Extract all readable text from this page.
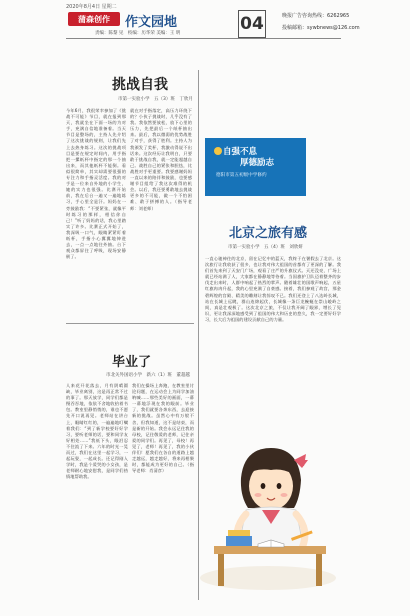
2020年8月4日 星期二
蒲森创作	作文园地
责编：陈黎 见　校编：历华荣 美编：王 明	04	晚报广告咨询热线：6262965
投稿邮箱：sywbnews@126.com
挑战自我
市第一实验小学　五（3）班　丁欣月
今年6月，我很荣幸参加了《挑战不可能》节目，就在报到那天，我就坐在下面一场的为对手，充满自信地准备着。当天节目是整场的，主持人先介绍了这次挑战的规则，让我们先上去热身练习。这次的挑战项目是要在规定时间内，用手指把一摞纸杯中指定的那一个抽出来，而其他纸杯不能倒。看似很简单，其实却需要很强的专注力和手指灵活度。我的对手是一位来自外地的小学生，她的实力也很强。比赛开始前，我在后台一遍又一遍地练习，手心里全是汗。妈妈在一旁鼓励我：“不要紧张，就像平时练习的那样，相信你自己！”听了妈妈的话，我心里踏实了许多。比赛正式开始了，我深吸一口气，眼睛紧紧盯着纸杯，手指小心翼翼地伸进去，一点一点地往外抽。台下观众都屏住了呼吸，现场安静极了。
就在对手指落定，高压力环绕下的？小伙子挑战时，几乎没有了我。我依然要放松，放下心里的压力，先把最后一个纸杯抽出来。最后，我以微弱的优势战胜了对手，获得了胜利。主持人为我颁发了奖杯，我激动得说不出话来。这次经历让我明白，只要敢于挑战自我，就一定能超越自己。战胜自己的紧张和胆怯，比战胜对手更重要。我要感谢妈妈一直以来的陪伴和鼓励，也要感谢节目组给了我这次难得的机会。以后，我还要勇敢地去挑战更多的不可能，做一个不怕困难、敢于拼搏的人。（指导老师：刘老师）
自强不息
厚德励志
德阳市第五初级中学修约
北京之旅有感
市第一实验小学　五（4）班　刘欣妍
一直心驰神往的北京，留在记忆中的蓝天，我终于在暑假去了北京。这次旅行让我收获了很多，也让我对伟大祖国的首都有了更深的了解。我们首先来到了天安门广场，观看了庄严的升旗仪式。天还没亮，广场上就已经站满了人，大家都在静静地等待着。当国旗护卫队迈着整齐的步伐走出来时，人群中响起了热烈的掌声。随着雄壮的国歌声响起，五星红旗冉冉升起，我的心里充满了自豪感。接着，我们参观了故宫，那金碧辉煌的宫殿、精美的雕刻让我惊叹不已。我们还登上了八达岭长城，站在长城上远眺，群山连绵起伏，长城像一条巨龙蜿蜒在崇山峻岭之间，真是壮观极了。这次北京之旅，不仅让我开阔了眼界，增长了见识，更让我深深地感受到了祖国的伟大和历史的悠久，我一定要好好学习，长大后为祖国的建设贡献自己的力量。
毕业了
市北关外国语小学　新六（1）班　董超越
人来花开花落去，月有阴晴圆缺，毕业离别，这是再正常不过的事了。那天放学，同学们都是慢吞吞地，依依不舍地收拾着书包。教室里静悄悄的，谁也不愿先开口说再见。老师站在讲台上，眼睛红红的，一遍遍地叮嘱着我们：“到了新学校要好好学习，要听老师的话，要和同学友好相处……”我低下头，眼泪忍不住流了下来。六年的时光一晃而过，我们在这里一起学习，一起玩耍，一起成长。还记得刚入学时，我是个爱哭的小女孩，是老师耐心地安慰我，是同学们热情地帮助我。
我们在操场上奔跑，在教室里讨论问题，在运动会上为同学加油呐喊……那些美好的画面，一幕一幕地浮现在我的眼前。毕业了，我们就要各奔东西，去迎接新的挑战。虽然心中有万般不舍，但我知道，这不是结束，而是新的开始。我会永远记住我的母校，记住敬爱的老师，记住亲爱的同学们。再见了，母校！再见了，老师！再见了，我的小伙伴们！愿我们在各自的道路上越走越远，越走越好，将来再相聚时，都能成为更好的自己。（指导老师：肖清彦）
